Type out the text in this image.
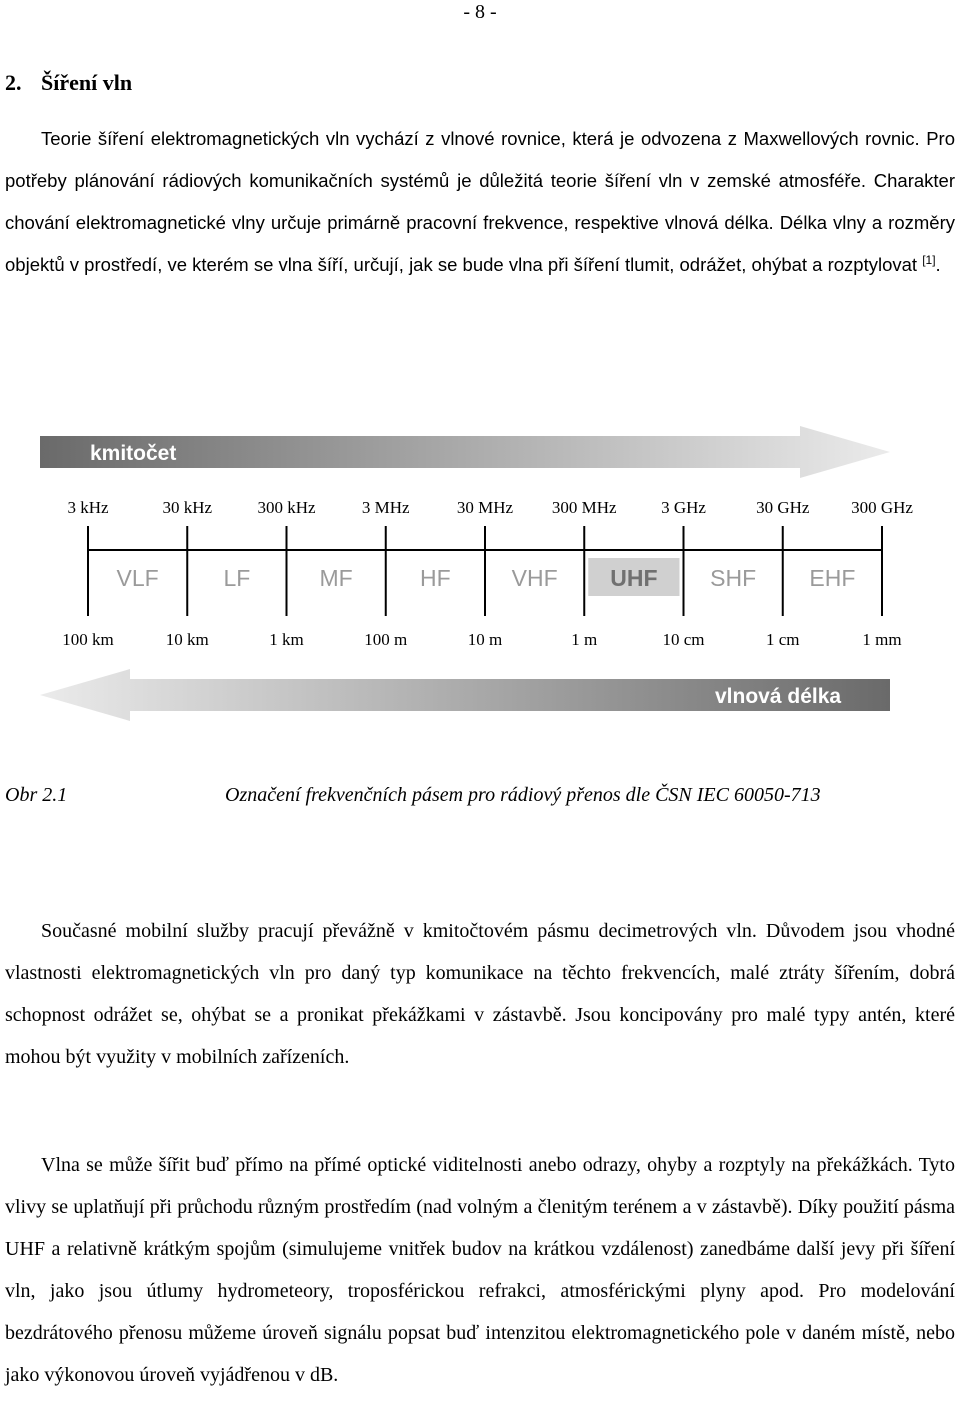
- 8 -
2. Šíření vln

Teorie šíření elektromagnetických vln vychází z vlnové rovnice, která je odvozena z Maxwellových rovnic. Pro potřeby plánování rádiových komunikačních systémů je důležitá teorie šíření vln v zemské atmosféře. Charakter chování elektromagnetické vlny určuje primárně pracovní frekvence, respektive vlnová délka. Délka vlny a rozměry objektů v prostředí, ve kterém se vlna šíří, určují, jak se bude vlna při šíření tlumit, odrážet, ohýbat a rozptylovat [1].

kmitočet
3 kHz	30 kHz	300 kHz	3 MHz	30 MHz 300 MHz	3 GHz	30 GHz 300 GHz
VLF	LF	MF	HF	VHF UHF SHF EHF
100 km	10 km	1 km	100 m	10 m	1 m	10 cm	1 cm	1 mm
vlnová délka
Obr 2.1	Označení frekvenčních pásem pro rádiový přenos dle ČSN IEC 60050-713

Současné mobilní služby pracují převážně v kmitočtovém pásmu decimetrových vln. Důvodem jsou vhodné vlastnosti elektromagnetických vln pro daný typ komunikace na těchto frekvencích, malé ztráty šířením, dobrá schopnost odrážet se, ohýbat se a pronikat překážkami v zástavbě. Jsou koncipovány pro malé typy antén, které mohou být využity v mobilních zařízeních.

Vlna se může šířit buď přímo na přímé optické viditelnosti anebo odrazy, ohyby a rozptyly na překážkách. Tyto vlivy se uplatňují při průchodu různým prostředím (nad volným a členitým terénem a v zástavbě). Díky použití pásma UHF a relativně krátkým spojům (simulujeme vnitřek budov na krátkou vzdálenost) zanedbáme další jevy při šíření vln, jako jsou útlumy hydrometeory, troposférickou refrakci, atmosférickými plyny apod. Pro modelování bezdrátového přenosu můžeme úroveň signálu popsat buď intenzitou elektromagnetického pole v daném místě, nebo jako výkonovou úroveň vyjádřenou v dB.
